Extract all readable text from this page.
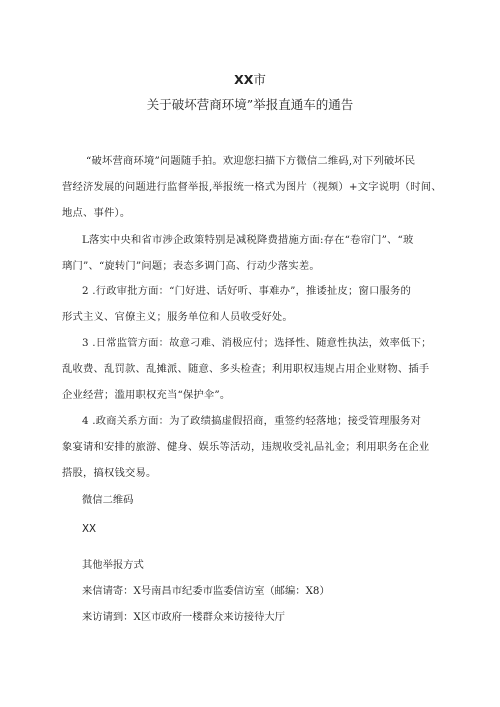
XX市
关于破坏营商环境”举报直通车的通告
“破坏营商环境”问题随手拍。欢迎您扫描下方微信二维码,对下列破坏民
营经济发展的问题进行监督举报,举报统一格式为图片（视频）+文字说明（时间、
地点、事件）。
L落实中央和省市涉企政策特别是减税降费措施方面:存在“卷帘门”、“玻
璃门”、“旋转门”问题；表态多调门高、行动少落实差。
2 .行政审批方面：“门好进、话好听、事难办”，推诿扯皮；窗口服务的
形式主义、官僚主义；服务单位和人员收受好处。
3 .日常监管方面：故意刁难、消极应付；选择性、随意性执法，效率低下；
乱收费、乱罚款、乱摊派、随意、多头检查；利用职权违规占用企业财物、插手
企业经营；滥用职权充当“保护伞”。
4 .政商关系方面：为了政绩搞虚假招商，重签约轻落地；接受管理服务对
象宴请和安排的旅游、健身、娱乐等活动，违规收受礼品礼金；利用职务在企业
搭股，搞权钱交易。
微信二维码
XX
其他举报方式
来信请寄：X号南昌市纪委市监委信访室（邮编：X8）
来访请到：X区市政府一楼群众来访接待大厅
